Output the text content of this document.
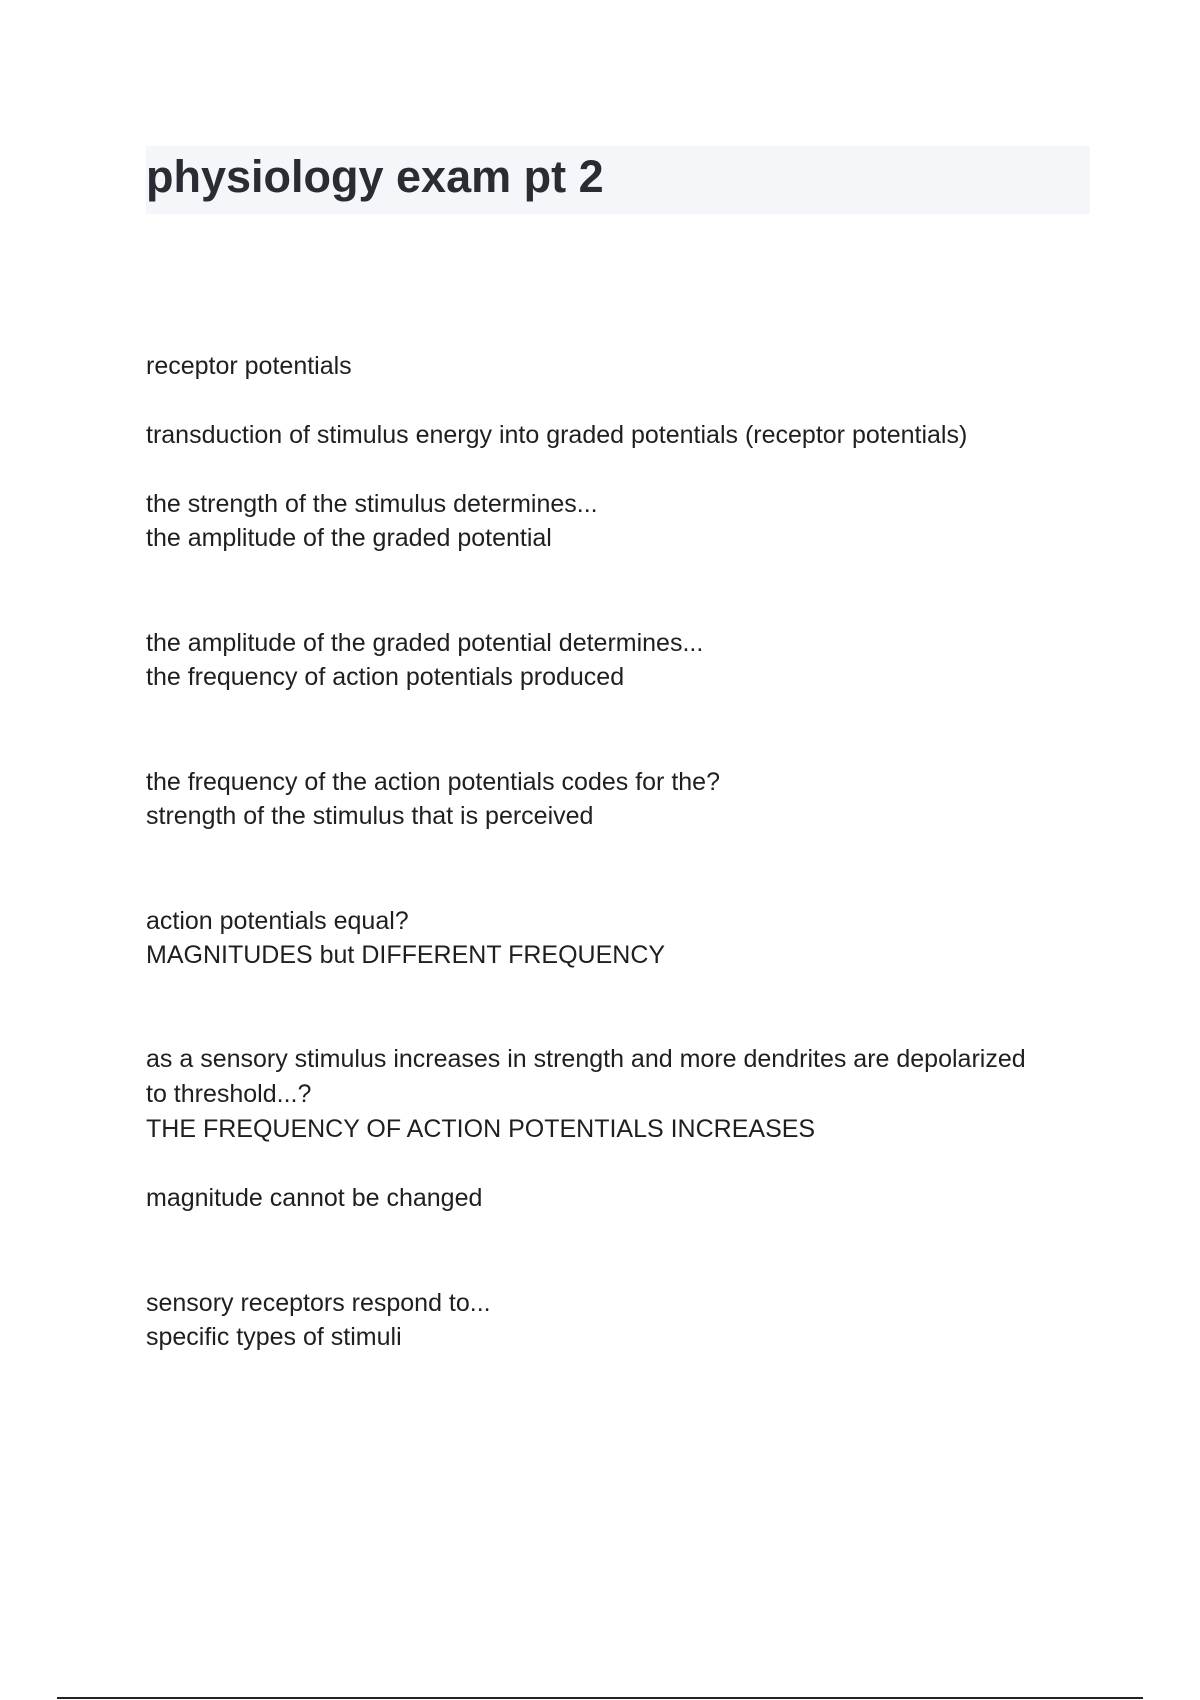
physiology exam pt 2

receptor potentials

transduction of stimulus energy into graded potentials (receptor potentials)

the strength of the stimulus determines...

the amplitude of the graded potential

the amplitude of the graded potential determines...

the frequency of action potentials produced

the frequency of the action potentials codes for the?

strength of the stimulus that is perceived

action potentials equal?

MAGNITUDES but DIFFERENT FREQUENCY

as a sensory stimulus increases in strength and more dendrites are depolarized

to threshold...?

THE FREQUENCY OF ACTION POTENTIALS INCREASES

magnitude cannot be changed

sensory receptors respond to...

specific types of stimuli
